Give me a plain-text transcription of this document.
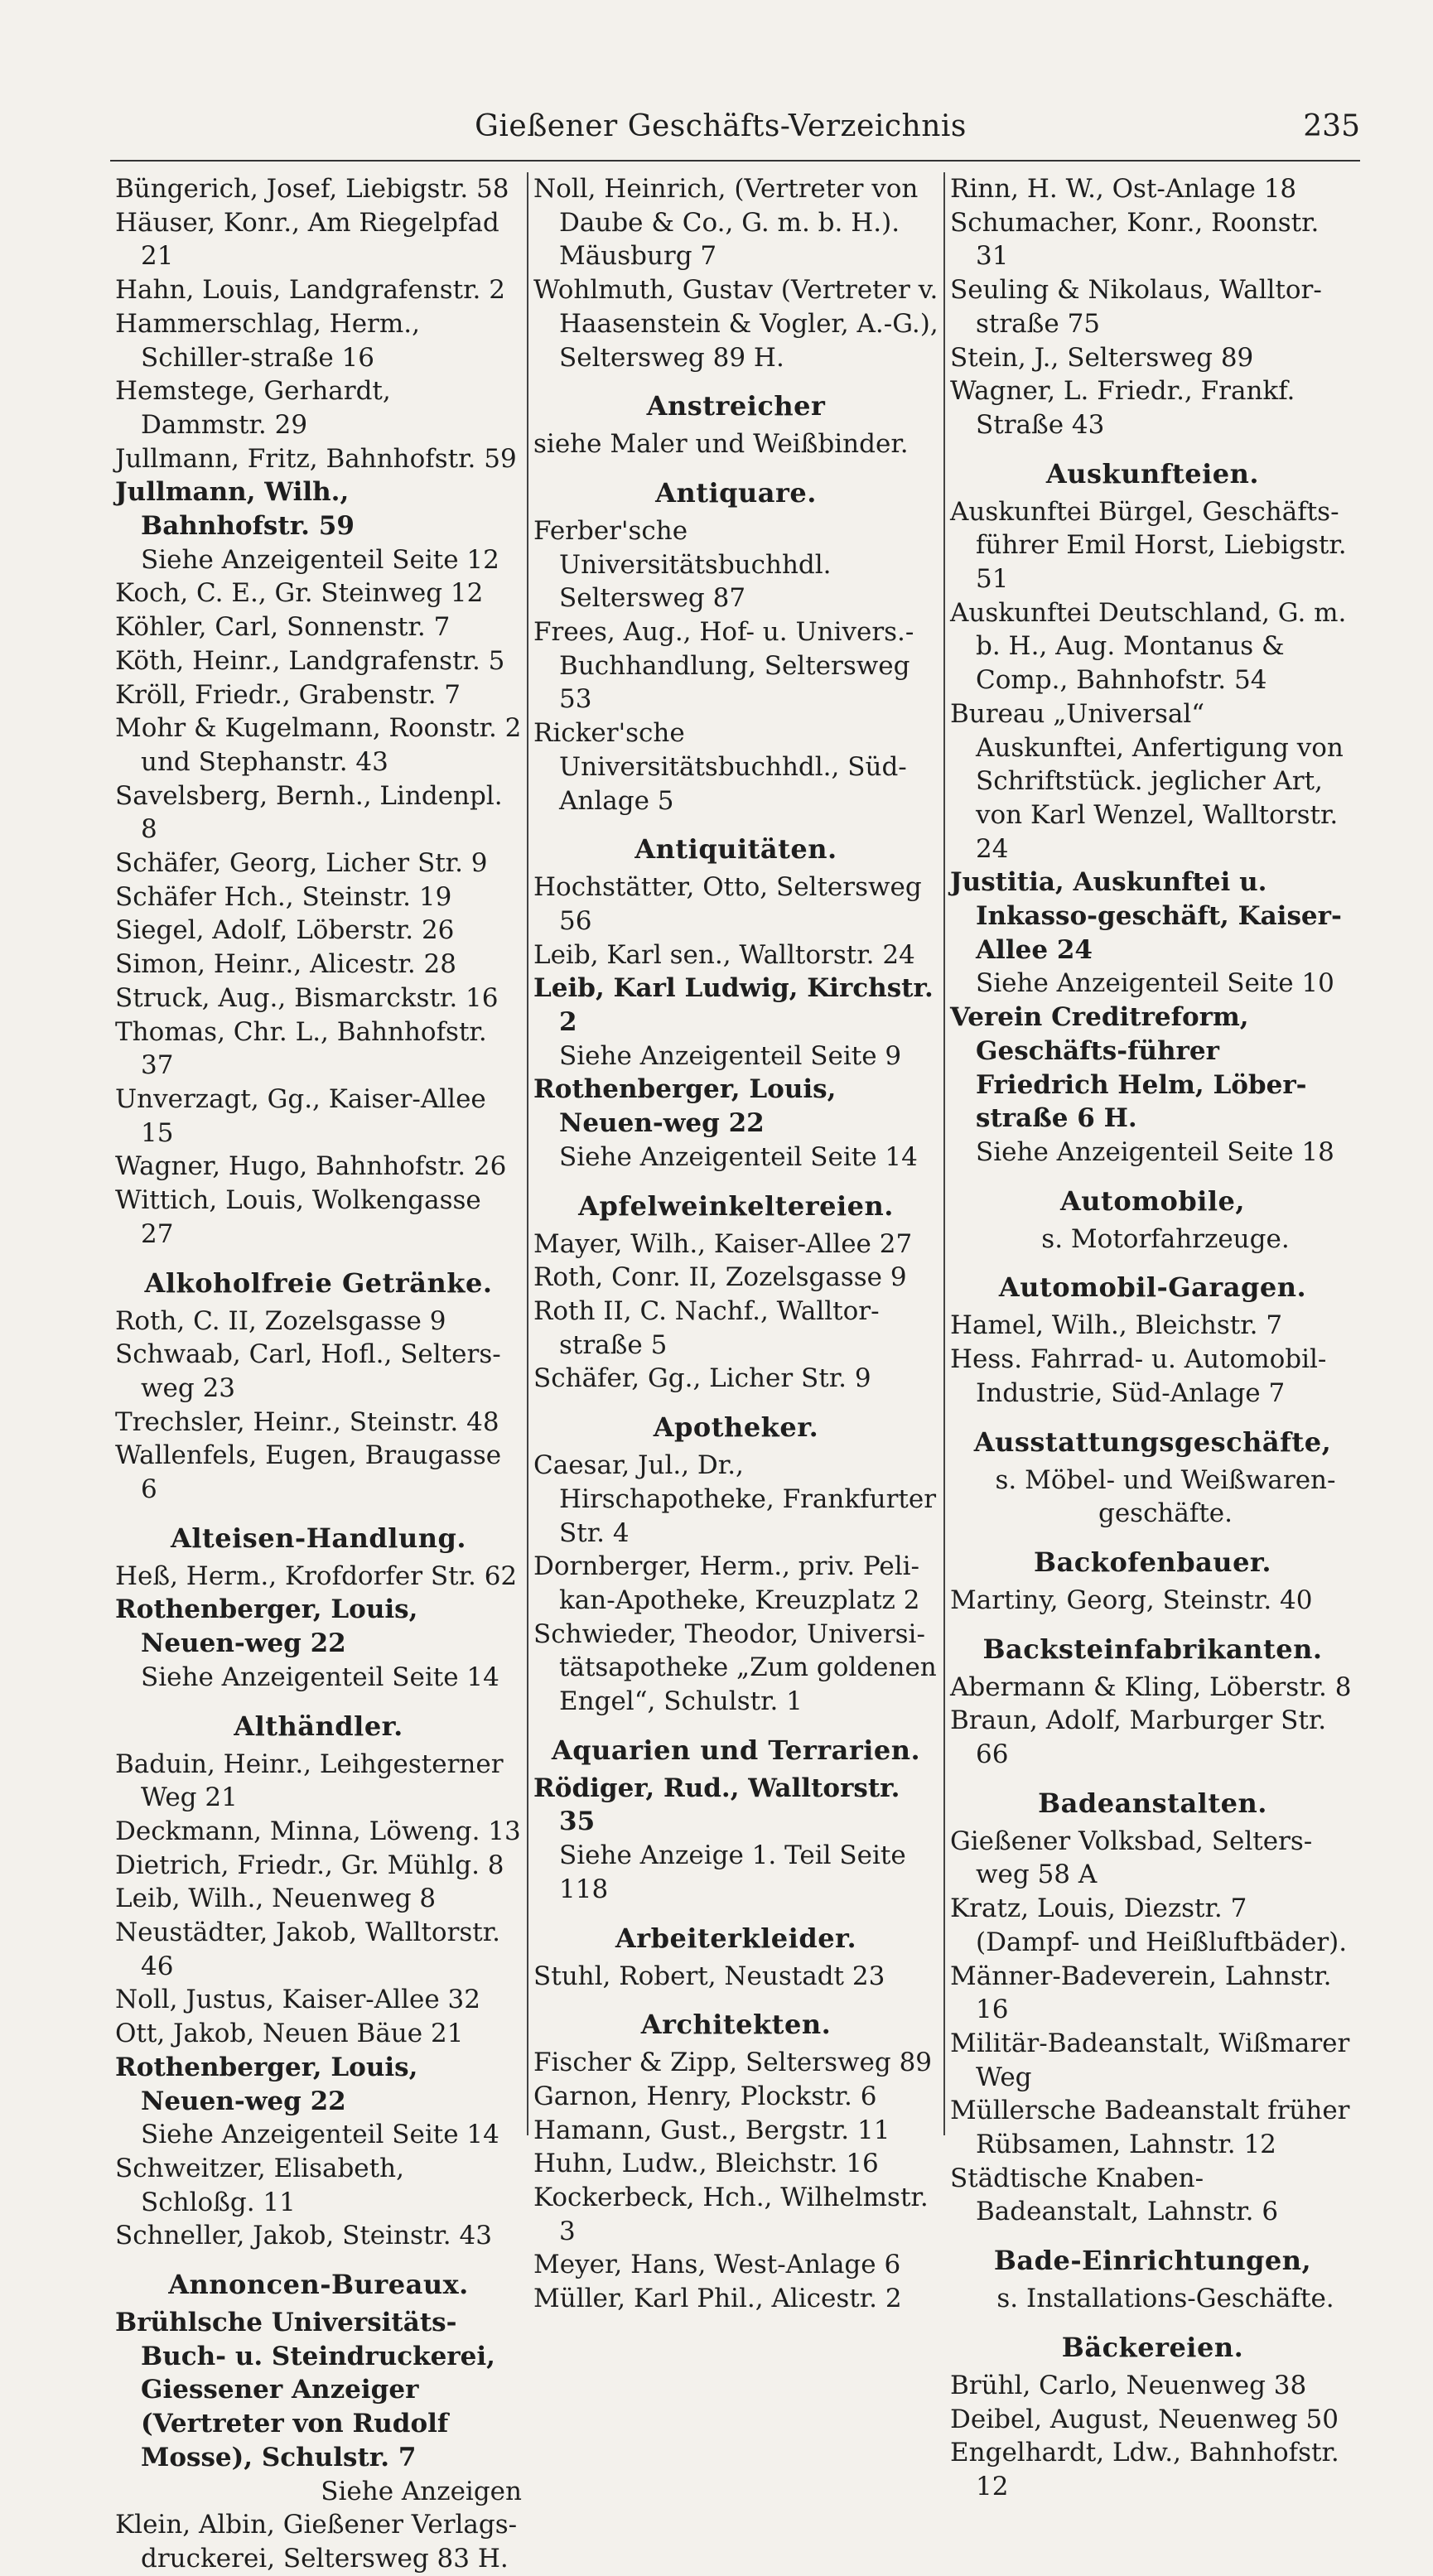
Gießener Geschäfts-Verzeichnis	235
Büngerich, Josef, Liebigstr. 58
Häuser, Konr., Am Riegelpfad 21
Hahn, Louis, Landgrafenstr. 2
Hammerschlag, Herm., Schiller-straße 16
Hemstege, Gerhardt, Dammstr. 29
Jullmann, Fritz, Bahnhofstr. 59
Jullmann, Wilh., Bahnhofstr. 59
Siehe Anzeigenteil Seite 12
Koch, C. E., Gr. Steinweg 12
Köhler, Carl, Sonnenstr. 7
Köth, Heinr., Landgrafenstr. 5
Kröll, Friedr., Grabenstr. 7
Mohr & Kugelmann, Roonstr. 2 und Stephanstr. 43
Savelsberg, Bernh., Lindenpl. 8
Schäfer, Georg, Licher Str. 9
Schäfer Hch., Steinstr. 19
Siegel, Adolf, Löberstr. 26
Simon, Heinr., Alicestr. 28
Struck, Aug., Bismarckstr. 16
Thomas, Chr. L., Bahnhofstr. 37
Unverzagt, Gg., Kaiser-Allee 15
Wagner, Hugo, Bahnhofstr. 26
Wittich, Louis, Wolkengasse 27
Alkoholfreie Getränke.
Roth, C. II, Zozelsgasse 9
Schwaab, Carl, Hofl., Selters-weg 23
Trechsler, Heinr., Steinstr. 48
Wallenfels, Eugen, Braugasse 6
Alteisen-Handlung.
Heß, Herm., Krofdorfer Str. 62
Rothenberger, Louis, Neuen-weg 22
Siehe Anzeigenteil Seite 14
Althändler.
Baduin, Heinr., Leihgesterner Weg 21
Deckmann, Minna, Löweng. 13
Dietrich, Friedr., Gr. Mühlg. 8
Leib, Wilh., Neuenweg 8
Neustädter, Jakob, Walltorstr. 46
Noll, Justus, Kaiser-Allee 32
Ott, Jakob, Neuen Bäue 21
Rothenberger, Louis, Neuen-weg 22
Siehe Anzeigenteil Seite 14
Schweitzer, Elisabeth, Schloßg. 11
Schneller, Jakob, Steinstr. 43
Annoncen-Bureaux.
Brühlsche Universitäts-Buch- u. Steindruckerei, Giessener Anzeiger (Vertreter von Rudolf Mosse), Schulstr. 7
Siehe Anzeigen
Klein, Albin, Gießener Verlags-druckerei, Seltersweg 83 H.
Noll, Heinrich, (Vertreter von Daube & Co., G. m. b. H.). Mäusburg 7
Wohlmuth, Gustav (Vertreter v. Haasenstein & Vogler, A.-G.), Seltersweg 89 H.
Anstreicher
siehe Maler und Weißbinder.
Antiquare.
Ferber'sche Universitätsbuchhdl. Seltersweg 87
Frees, Aug., Hof- u. Univers.-Buchhandlung, Seltersweg 53
Ricker'sche Universitätsbuchhdl., Süd-Anlage 5
Antiquitäten.
Hochstätter, Otto, Seltersweg 56
Leib, Karl sen., Walltorstr. 24
Leib, Karl Ludwig, Kirchstr. 2
Siehe Anzeigenteil Seite 9
Rothenberger, Louis, Neuen-weg 22
Siehe Anzeigenteil Seite 14
Apfelweinkeltereien.
Mayer, Wilh., Kaiser-Allee 27
Roth, Conr. II, Zozelsgasse 9
Roth II, C. Nachf., Walltor-straße 5
Schäfer, Gg., Licher Str. 9
Apotheker.
Caesar, Jul., Dr., Hirschapotheke, Frankfurter Str. 4
Dornberger, Herm., priv. Peli-kan-Apotheke, Kreuzplatz 2
Schwieder, Theodor, Universi-tätsapotheke „Zum goldenen Engel“, Schulstr. 1
Aquarien und Terrarien.
Rödiger, Rud., Walltorstr. 35
Siehe Anzeige 1. Teil Seite 118
Arbeiterkleider.
Stuhl, Robert, Neustadt 23
Architekten.
Fischer & Zipp, Seltersweg 89
Garnon, Henry, Plockstr. 6
Hamann, Gust., Bergstr. 11
Huhn, Ludw., Bleichstr. 16
Kockerbeck, Hch., Wilhelmstr. 3
Meyer, Hans, West-Anlage 6
Müller, Karl Phil., Alicestr. 2
Rinn, H. W., Ost-Anlage 18
Schumacher, Konr., Roonstr. 31
Seuling & Nikolaus, Walltor-straße 75
Stein, J., Seltersweg 89
Wagner, L. Friedr., Frankf. Straße 43
Auskunfteien.
Auskunftei Bürgel, Geschäfts-führer Emil Horst, Liebigstr. 51
Auskunftei Deutschland, G. m. b. H., Aug. Montanus & Comp., Bahnhofstr. 54
Bureau „Universal“ Auskunftei, Anfertigung von Schriftstück. jeglicher Art, von Karl Wenzel, Walltorstr. 24
Justitia, Auskunftei u. Inkasso-geschäft, Kaiser-Allee 24
Siehe Anzeigenteil Seite 10
Verein Creditreform, Geschäfts-führer Friedrich Helm, Löber-straße 6 H.
Siehe Anzeigenteil Seite 18
Automobile,
s. Motorfahrzeuge.
Automobil-Garagen.
Hamel, Wilh., Bleichstr. 7
Hess. Fahrrad- u. Automobil-Industrie, Süd-Anlage 7
Ausstattungsgeschäfte,
s. Möbel- und Weißwaren-geschäfte.
Backofenbauer.
Martiny, Georg, Steinstr. 40
Backsteinfabrikanten.
Abermann & Kling, Löberstr. 8
Braun, Adolf, Marburger Str. 66
Badeanstalten.
Gießener Volksbad, Selters-weg 58 A
Kratz, Louis, Diezstr. 7 (Dampf- und Heißluftbäder).
Männer-Badeverein, Lahnstr. 16
Militär-Badeanstalt, Wißmarer Weg
Müllersche Badeanstalt früher Rübsamen, Lahnstr. 12
Städtische Knaben-Badeanstalt, Lahnstr. 6
Bade-Einrichtungen,
s. Installations-Geschäfte.
Bäckereien.
Brühl, Carlo, Neuenweg 38
Deibel, August, Neuenweg 50
Engelhardt, Ldw., Bahnhofstr. 12
